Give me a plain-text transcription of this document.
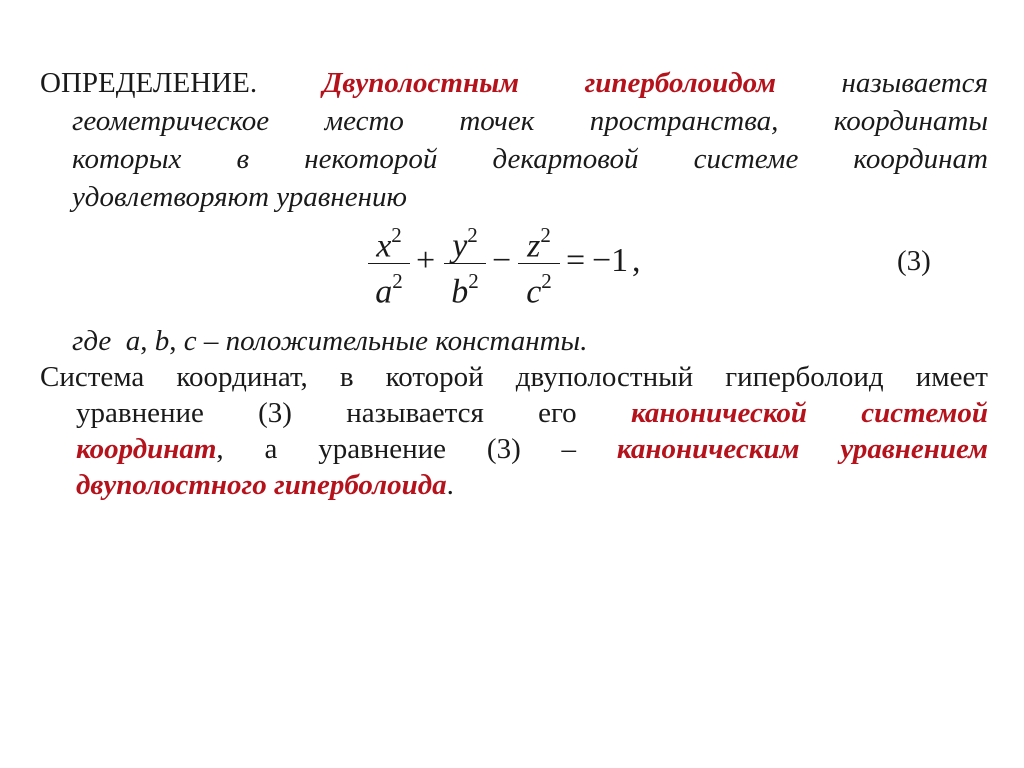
ОПРЕДЕЛЕНИЕ. Двуполостным гиперболоидом называется
геометрическое место точек пространства, координаты
которых в некоторой декартовой системе координат
удовлетворяют уравнению
$x^2$
$a^2$
+ $y^2$
$b^2$
− $z^2$
$c^2$
= −1 ,	(3)
где a, b, c – положительные константы.
Система координат, в которой двуполостный гиперболоид имеет
уравнение (3) называется его канонической системой
координат, а уравнение (3) – каноническим уравнением
двуполостного гиперболоида.
